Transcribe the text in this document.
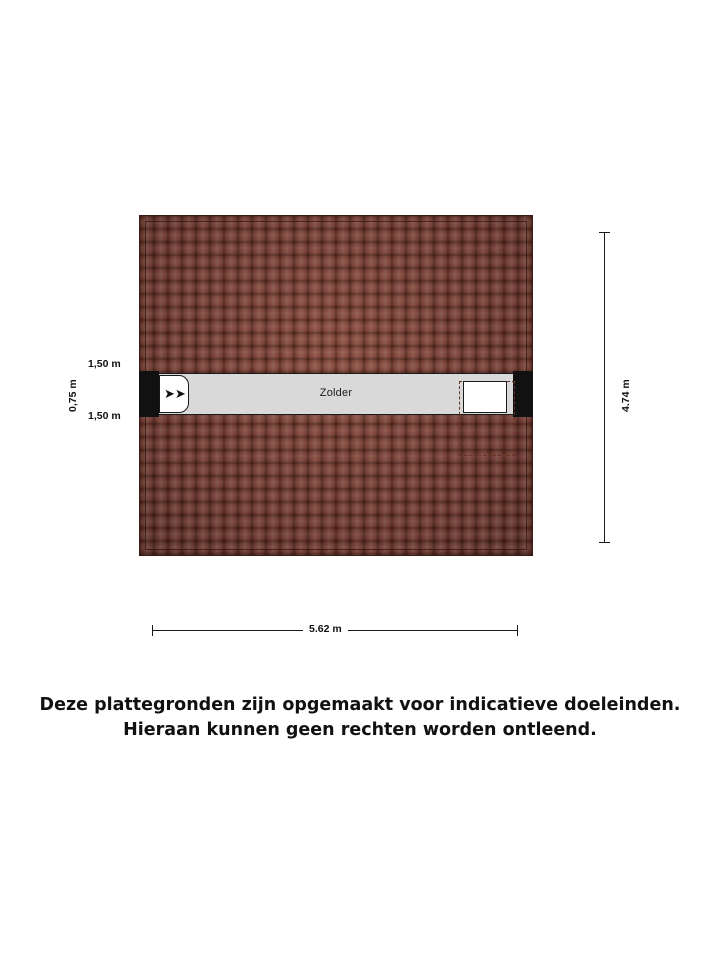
Zolder
➤➤	4.74 m
5.62 m
0,75 m
1,50 m
1,50 m
Deze plattegronden zijn opgemaakt voor indicatieve doeleinden.
Hieraan kunnen geen rechten worden ontleend.
